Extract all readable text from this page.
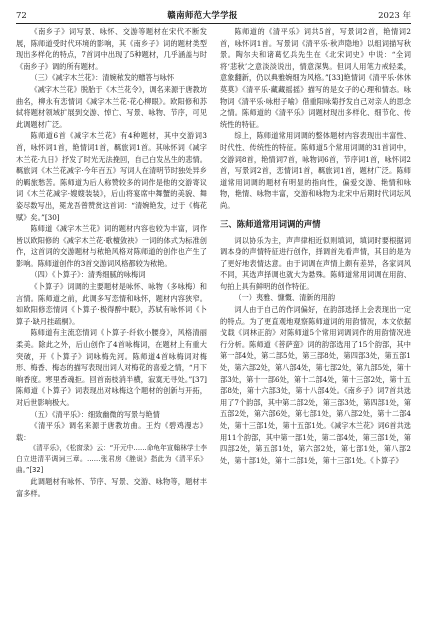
72	赣南师范大学学报	2023 年

《南乡子》词写景、咏怀、交游等题材在宋代不断发展，陈师道受时代环境的影响，其《南乡子》词的题材类型现出多样化的特点，7首词中出现了5种题材，几乎涵盖与时《南乡子》调的所有题材。

（三）《减字木兰花》：清婉秾发的赠答与咏怀

《减字木兰花》脱胎于《木兰花令》，调名来源于唐教坊曲名，柳永有恋情词《减字木兰花·花心柳眼》。欧阳修和苏轼将题材领域扩展到交游、悼亡、写景、咏物、节序，可见此调题材广泛。

陈师道6首《减字木兰花》有4种题材，其中交游词3首，咏怀词1首，艳情词1首，羁旅词1首。其咏怀词《减字木兰花·九日》抒发了时光无法挽回，自己白发丛生的悲情。羁旅词《木兰花减字·今年百五》写词人在清明节时独处异乡的羁旅愁苦。陈师道为后人称赞较多的词作是他的交游寄议词《木兰花减字·嫂嫂装装》，后山将宴席中舞蟹的美貌、舞姿尽数写出，冕龙吾曾赞赏这首词：“清婉艳发，过于《梅花赋》矣。”[30]

陈师道《减字木兰花》词的题材内容也较为丰富，词作皆以欧阳修的《减字木兰花·歌檀敛袂》一词的体式为标准创作，这首词的交游题材与秾艳风格对陈师道的创作也产生了影响。陈师道创作的3首交游词风格都较为秾艳。

（四）《卜算子》：清秀细腻的咏梅词

《卜算子》词调的主要题材是咏怀、咏物（多咏梅）和言情。陈师道之前，此调多写恋情和咏怀，题材内容狭窄。如欧阳修恋情词《卜算子·极得醉中眠》，苏轼有咏怀词《卜算子·缺月挂疏桐》。

陈师道有主流恋情词《卜算子·纤软小腰身》，风格清丽柔美。除此之外，后山创作了4首咏梅词，在题材上有重大突破，开《卜算子》词咏梅先河。陈师道4首咏梅词对梅形、梅香、梅态的描写表现出词人对梅花的喜爱之情，“月下晌香度。寒里香魂拒。回首南枝消半横，寂寞无寻处。”[37]陈师道《卜算子》词表现出对咏梅这个题材的创新与开拓，对后世影响极大。

（五）《清平乐》：细致幽微的写景与艳情

《清平乐》调名来源于唐教坊曲。王灼《碧鸡漫志》载：

《清平乐》，《松窗录》云：“开元中……命龟年宣翰林学士李白立进清平调词三章。……张君房《脞说》指此为《清平乐》曲。”[32]

此调题材有咏怀、节序、写景、交游、咏物等，题材丰富多样。

陈师道的《清平乐》词共5首，写景词2首，艳情词2首，咏怀词1首。写景词《清平乐·秋声隐地》以组词描写秋景。陶尔夫和诸葛忆兵先生在《北宋词史》中说：“全词将‘悲秋’之意淡淡说出，情意深隽。但词人用笔力戒轻柔，意象翻新，仍以典雅婉细为风格。”[33]艳情词《清平乐·休休莫莫》《清平乐·藏藏摇摇》描写的是女子的心理和情态。咏物词《清平乐·咏柑子喻》借重阳咏菊抒发自己对亲人的思念之情。陈师道的《清平乐》词题材现出多样化、细节化、传统性的特征。

综上，陈师道常用词调的整体题材内容表现出丰富性、时代性、传统性的特征。陈师道5个常用词调的31首词中，交游词8首，艳情词7首，咏物词6首，节序词1首，咏怀词2首，写景词2首，恋情词1首，羁旅词1首，题材广泛。陈师道常用词调的题材有明显的指向性，偏爱交游、艳情和咏物，艳情、咏物丰富，交游和咏物为北宋中后期时代词坛风尚。

三、陈师道常用词调的声情

词以协乐为主，声声律相近似则填词，填词时要根据词调本身的声情特征进行创作，择调首先看声情，其目的是为了更好地表情达意。由于词调在声情上颇有差异，各家词风不同，其选声择调也就大为悬殊。陈师道常用词调在用韵、句拍上具有鲜明的创作特征。

（一）夷雅、慷慨、清新的用韵

词人由于自己的作词偏好，在韵部选择上会表现出一定的特点。为了更直观地观察陈师道词的用韵情况，本文依据戈载《词林正韵》对陈师道5个常用词调词作的用韵情况进行分析。陈师道《菩萨蛮》词的韵部选用了15个韵部，其中第一部4处，第二部5处，第三部8处，第四部3处，第五部1处，第六部2处，第八部4处，第七部2处，第九部5处，第十部3处，第十一部6处，第十二部4处，第十三部2处，第十五部8处，第十六部3处，第十八部4处。《南乡子》词7首共选用了7个韵部，其中第二部2处，第三部3处，第四部1处，第五部2处，第六部6处，第七部1处，第八部2处，第十二部4处，第十三部1处，第十五部1处。《减字木兰花》词6首共选用11个韵部，其中第一部1处，第二部4处，第三部1处，第四部2处，第五部1处，第六部2处，第七部1处，第八部2处，第十部1处，第十二部1处，第十三部1处。《卜算子》
